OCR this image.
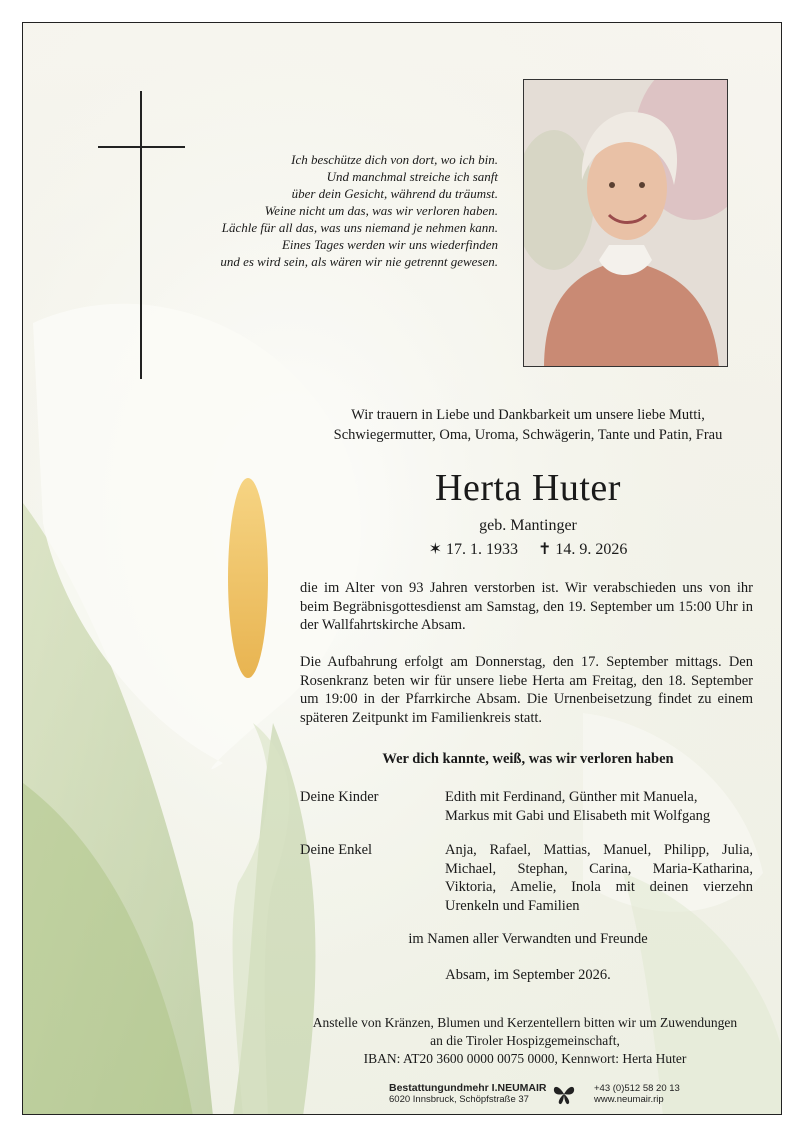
Ich beschütze dich von dort, wo ich bin.
Und manchmal streiche ich sanft
über dein Gesicht, während du träumst.
Weine nicht um das, was wir verloren haben.
Lächle für all das, was uns niemand je nehmen kann.
Eines Tages werden wir uns wiederfinden
und es wird sein, als wären wir nie getrennt gewesen.
Wir trauern in Liebe und Dankbarkeit um unsere liebe Mutti,
Schwiegermutter, Oma, Uroma, Schwägerin, Tante und Patin, Frau
Herta Huter
geb. Mantinger
✶ 17. 1. 1933 ✝ 14. 9. 2026
die im Alter von 93 Jahren verstorben ist. Wir verabschieden uns von ihr beim Begräbnisgottesdienst am Samstag, den 19. September um 15:00 Uhr in der Wallfahrtskirche Absam.
Die Aufbahrung erfolgt am Donnerstag, den 17. September mittags. Den Rosenkranz beten wir für unsere liebe Herta am Freitag, den 18. September um 19:00 in der Pfarrkirche Absam. Die Urnenbeisetzung findet zu einem späteren Zeitpunkt im Familienkreis statt.
Wer dich kannte, weiß, was wir verloren haben
Deine Kinder	Edith mit Ferdinand, Günther mit Manuela,
Markus mit Gabi und Elisabeth mit Wolfgang
Deine Enkel	Anja, Rafael, Mattias, Manuel, Philipp, Julia, Michael, Stephan, Carina, Maria-Katharina, Viktoria, Amelie, Inola mit deinen vierzehn Urenkeln und Familien
im Namen aller Verwandten und Freunde
Absam, im September 2026.
Anstelle von Kränzen, Blumen und Kerzentellern bitten wir um Zuwendungen
an die Tiroler Hospizgemeinschaft,
IBAN: AT20 3600 0000 0075 0000, Kennwort: Herta Huter
Bestattungundmehr I.NEUMAIR
6020 Innsbruck, Schöpfstraße 37
+43 (0)512 58 20 13
www.neumair.rip
